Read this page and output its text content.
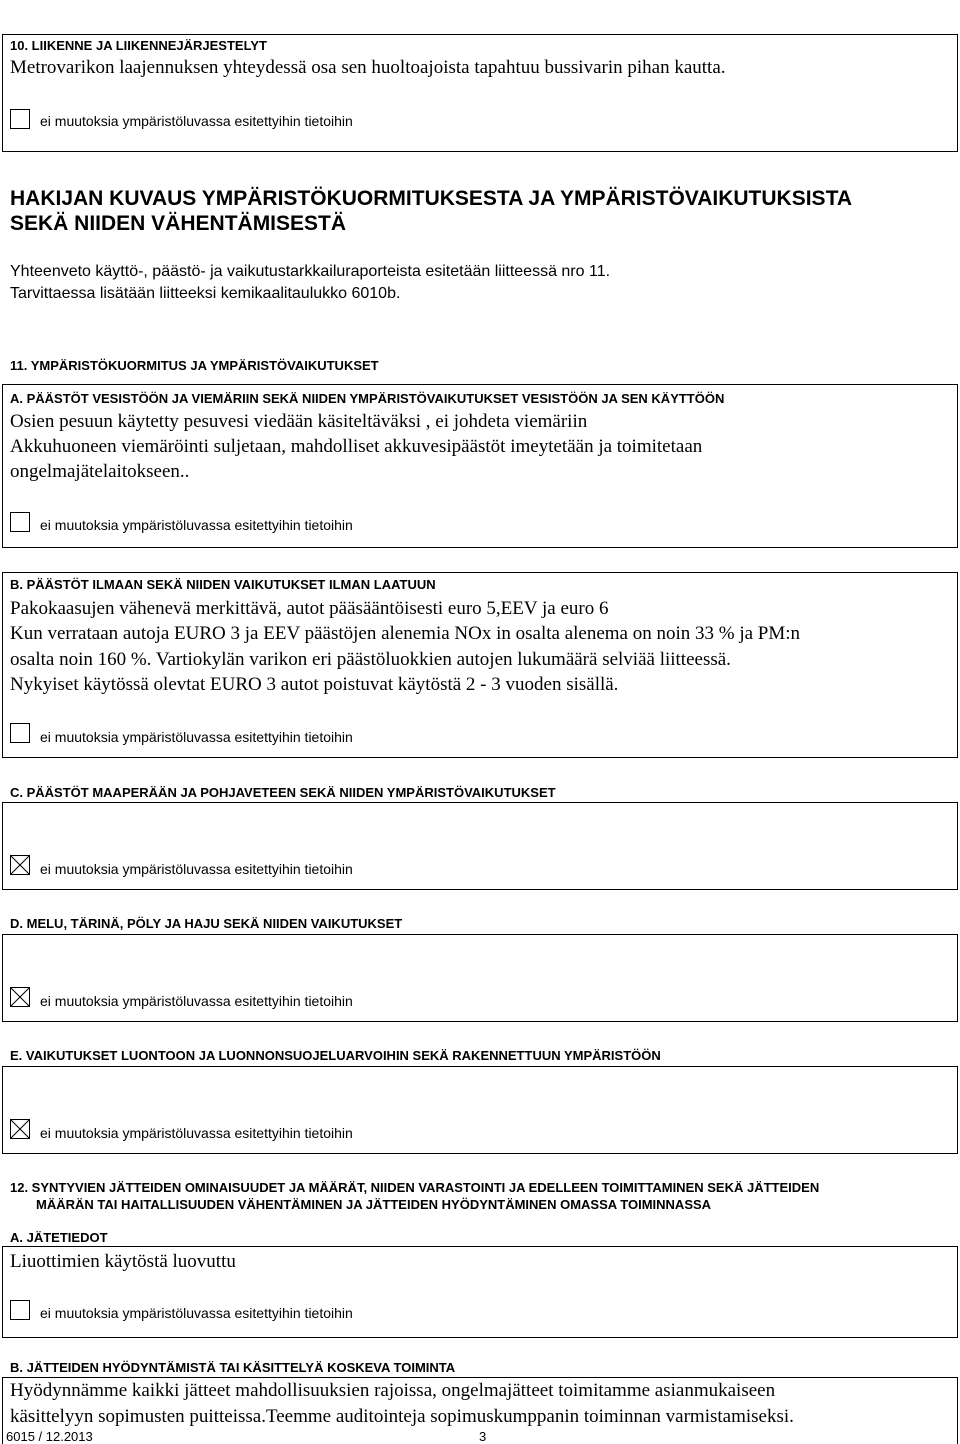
10. LIIKENNE JA LIIKENNEJÄRJESTELYT
Metrovarikon laajennuksen yhteydessä osa sen huoltoajoista tapahtuu bussivarin pihan kautta.
ei muutoksia ympäristöluvassa esitettyihin tietoihin
HAKIJAN KUVAUS YMPÄRISTÖKUORMITUKSESTA JA YMPÄRISTÖVAIKUTUKSISTA
SEKÄ NIIDEN VÄHENTÄMISESTÄ
Yhteenveto käyttö-, päästö- ja vaikutustarkkailuraporteista esitetään liitteessä nro 11.
Tarvittaessa lisätään liitteeksi kemikaalitaulukko 6010b.
11. YMPÄRISTÖKUORMITUS JA YMPÄRISTÖVAIKUTUKSET
A. PÄÄSTÖT VESISTÖÖN JA VIEMÄRIIN SEKÄ NIIDEN YMPÄRISTÖVAIKUTUKSET VESISTÖÖN JA SEN KÄYTTÖÖN
Osien pesuun käytetty pesuvesi viedään käsiteltäväksi , ei johdeta viemäriin
Akkuhuoneen viemäröinti suljetaan, mahdolliset akkuvesipäästöt imeytetään ja toimitetaan
ongelmajätelaitokseen..
ei muutoksia ympäristöluvassa esitettyihin tietoihin
B. PÄÄSTÖT ILMAAN SEKÄ NIIDEN VAIKUTUKSET ILMAN LAATUUN
Pakokaasujen vähenevä merkittävä, autot pääsääntöisesti euro 5,EEV ja euro 6
Kun verrataan autoja EURO 3 ja EEV päästöjen alenemia NOx in osalta alenema on noin 33 % ja PM:n
osalta noin 160 %. Vartiokylän varikon eri päästöluokkien autojen lukumäärä selviää liitteessä.
Nykyiset käytössä olevtat EURO 3 autot poistuvat käytöstä 2 - 3 vuoden sisällä.
ei muutoksia ympäristöluvassa esitettyihin tietoihin
C. PÄÄSTÖT MAAPERÄÄN JA POHJAVETEEN SEKÄ NIIDEN YMPÄRISTÖVAIKUTUKSET
ei muutoksia ympäristöluvassa esitettyihin tietoihin
D. MELU, TÄRINÄ, PÖLY JA HAJU SEKÄ NIIDEN VAIKUTUKSET
ei muutoksia ympäristöluvassa esitettyihin tietoihin
E. VAIKUTUKSET LUONTOON JA LUONNONSUOJELUARVOIHIN SEKÄ RAKENNETTUUN YMPÄRISTÖÖN
ei muutoksia ympäristöluvassa esitettyihin tietoihin
12. SYNTYVIEN JÄTTEIDEN OMINAISUUDET JA MÄÄRÄT, NIIDEN VARASTOINTI JA EDELLEEN TOIMITTAMINEN SEKÄ JÄTTEIDEN
MÄÄRÄN TAI HAITALLISUUDEN VÄHENTÄMINEN JA JÄTTEIDEN HYÖDYNTÄMINEN OMASSA TOIMINNASSA
A. JÄTETIEDOT
Liuottimien käytöstä luovuttu
ei muutoksia ympäristöluvassa esitettyihin tietoihin
B. JÄTTEIDEN HYÖDYNTÄMISTÄ TAI KÄSITTELYÄ KOSKEVA TOIMINTA
Hyödynnämme kaikki jätteet mahdollisuuksien rajoissa, ongelmajätteet toimitamme asianmukaiseen
käsittelyyn sopimusten puitteissa.Teemme auditointeja sopimuskumppanin toiminnan varmistamiseksi.
6015 / 12.2013	3
